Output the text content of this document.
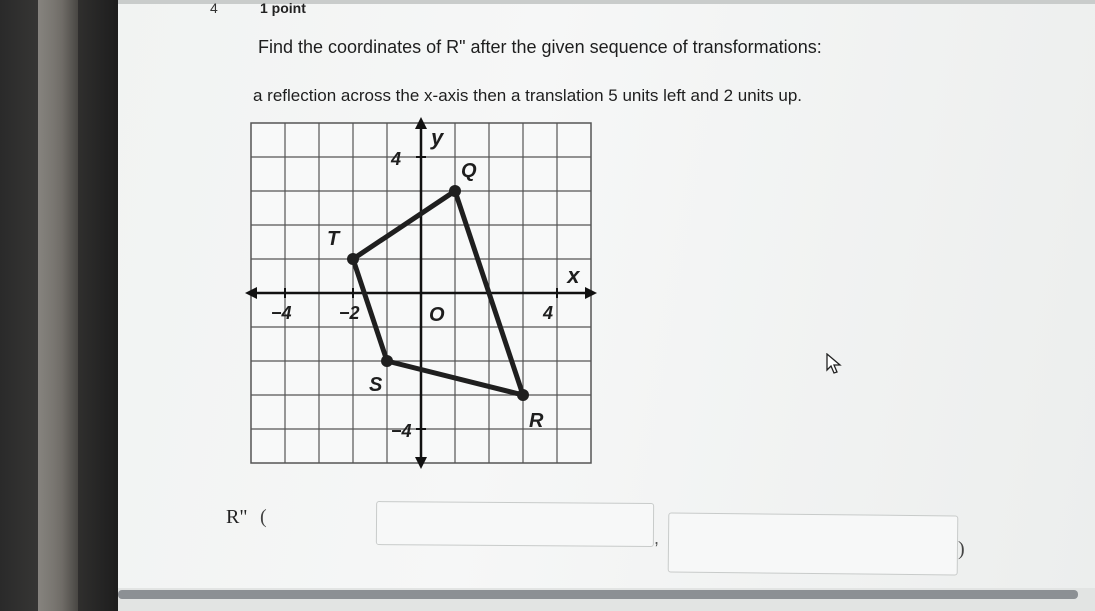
4	1 point
Find the coordinates of R" after the given sequence of transformations:
a reflection across the x-axis then a translation 5 units left and 2 units up.
y
x
O
−4	−2	4
4
−4
Q
T
S
R
R" (
,	)
